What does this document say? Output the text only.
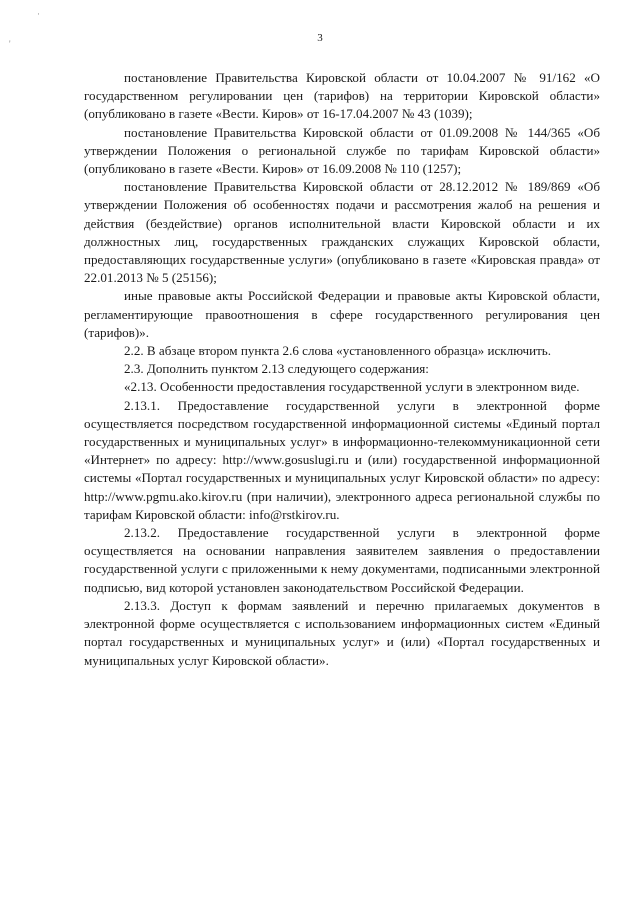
·
'	3

постановление Правительства Кировской области от 10.04.2007 № 91/162 «О государственном регулировании цен (тарифов) на территории Кировской области» (опубликовано в газете «Вести. Киров» от 16-17.04.2007 № 43 (1039);

постановление Правительства Кировской области от 01.09.2008 № 144/365 «Об утверждении Положения о региональной службе по тарифам Кировской области» (опубликовано в газете «Вести. Киров» от 16.09.2008 № 110 (1257);

постановление Правительства Кировской области от 28.12.2012 № 189/869 «Об утверждении Положения об особенностях подачи и рассмотрения жалоб на решения и действия (бездействие) органов исполнительной власти Кировской области и их должностных лиц, государственных гражданских служащих Кировской области, предоставляющих государственные услуги» (опубликовано в газете «Кировская правда» от 22.01.2013 № 5 (25156);

иные правовые акты Российской Федерации и правовые акты Кировской области, регламентирующие правоотношения в сфере государственного регулирования цен (тарифов)».

2.2. В абзаце втором пункта 2.6 слова «установленного образца» исключить.

2.3. Дополнить пунктом 2.13 следующего содержания:

«2.13. Особенности предоставления государственной услуги в электронном виде.

2.13.1. Предоставление государственной услуги в электронной форме осуществляется посредством государственной информационной системы «Единый портал государственных и муниципальных услуг» в информационно-телекоммуникационной сети «Интернет» по адресу: http://www.gosuslugi.ru и (или) государственной информационной системы «Портал государственных и муниципальных услуг Кировской области» по адресу: http://www.pgmu.ako.kirov.ru (при наличии), электронного адреса региональной службы по тарифам Кировской области: info@rstkirov.ru.

2.13.2. Предоставление государственной услуги в электронной форме осуществляется на основании направления заявителем заявления о предоставлении государственной услуги с приложенными к нему документами, подписанными электронной подписью, вид которой установлен законодательством Российской Федерации.

2.13.3. Доступ к формам заявлений и перечню прилагаемых документов в электронной форме осуществляется с использованием информационных систем «Единый портал государственных и муниципальных услуг» и (или) «Портал государственных и муниципальных услуг Кировской области».
